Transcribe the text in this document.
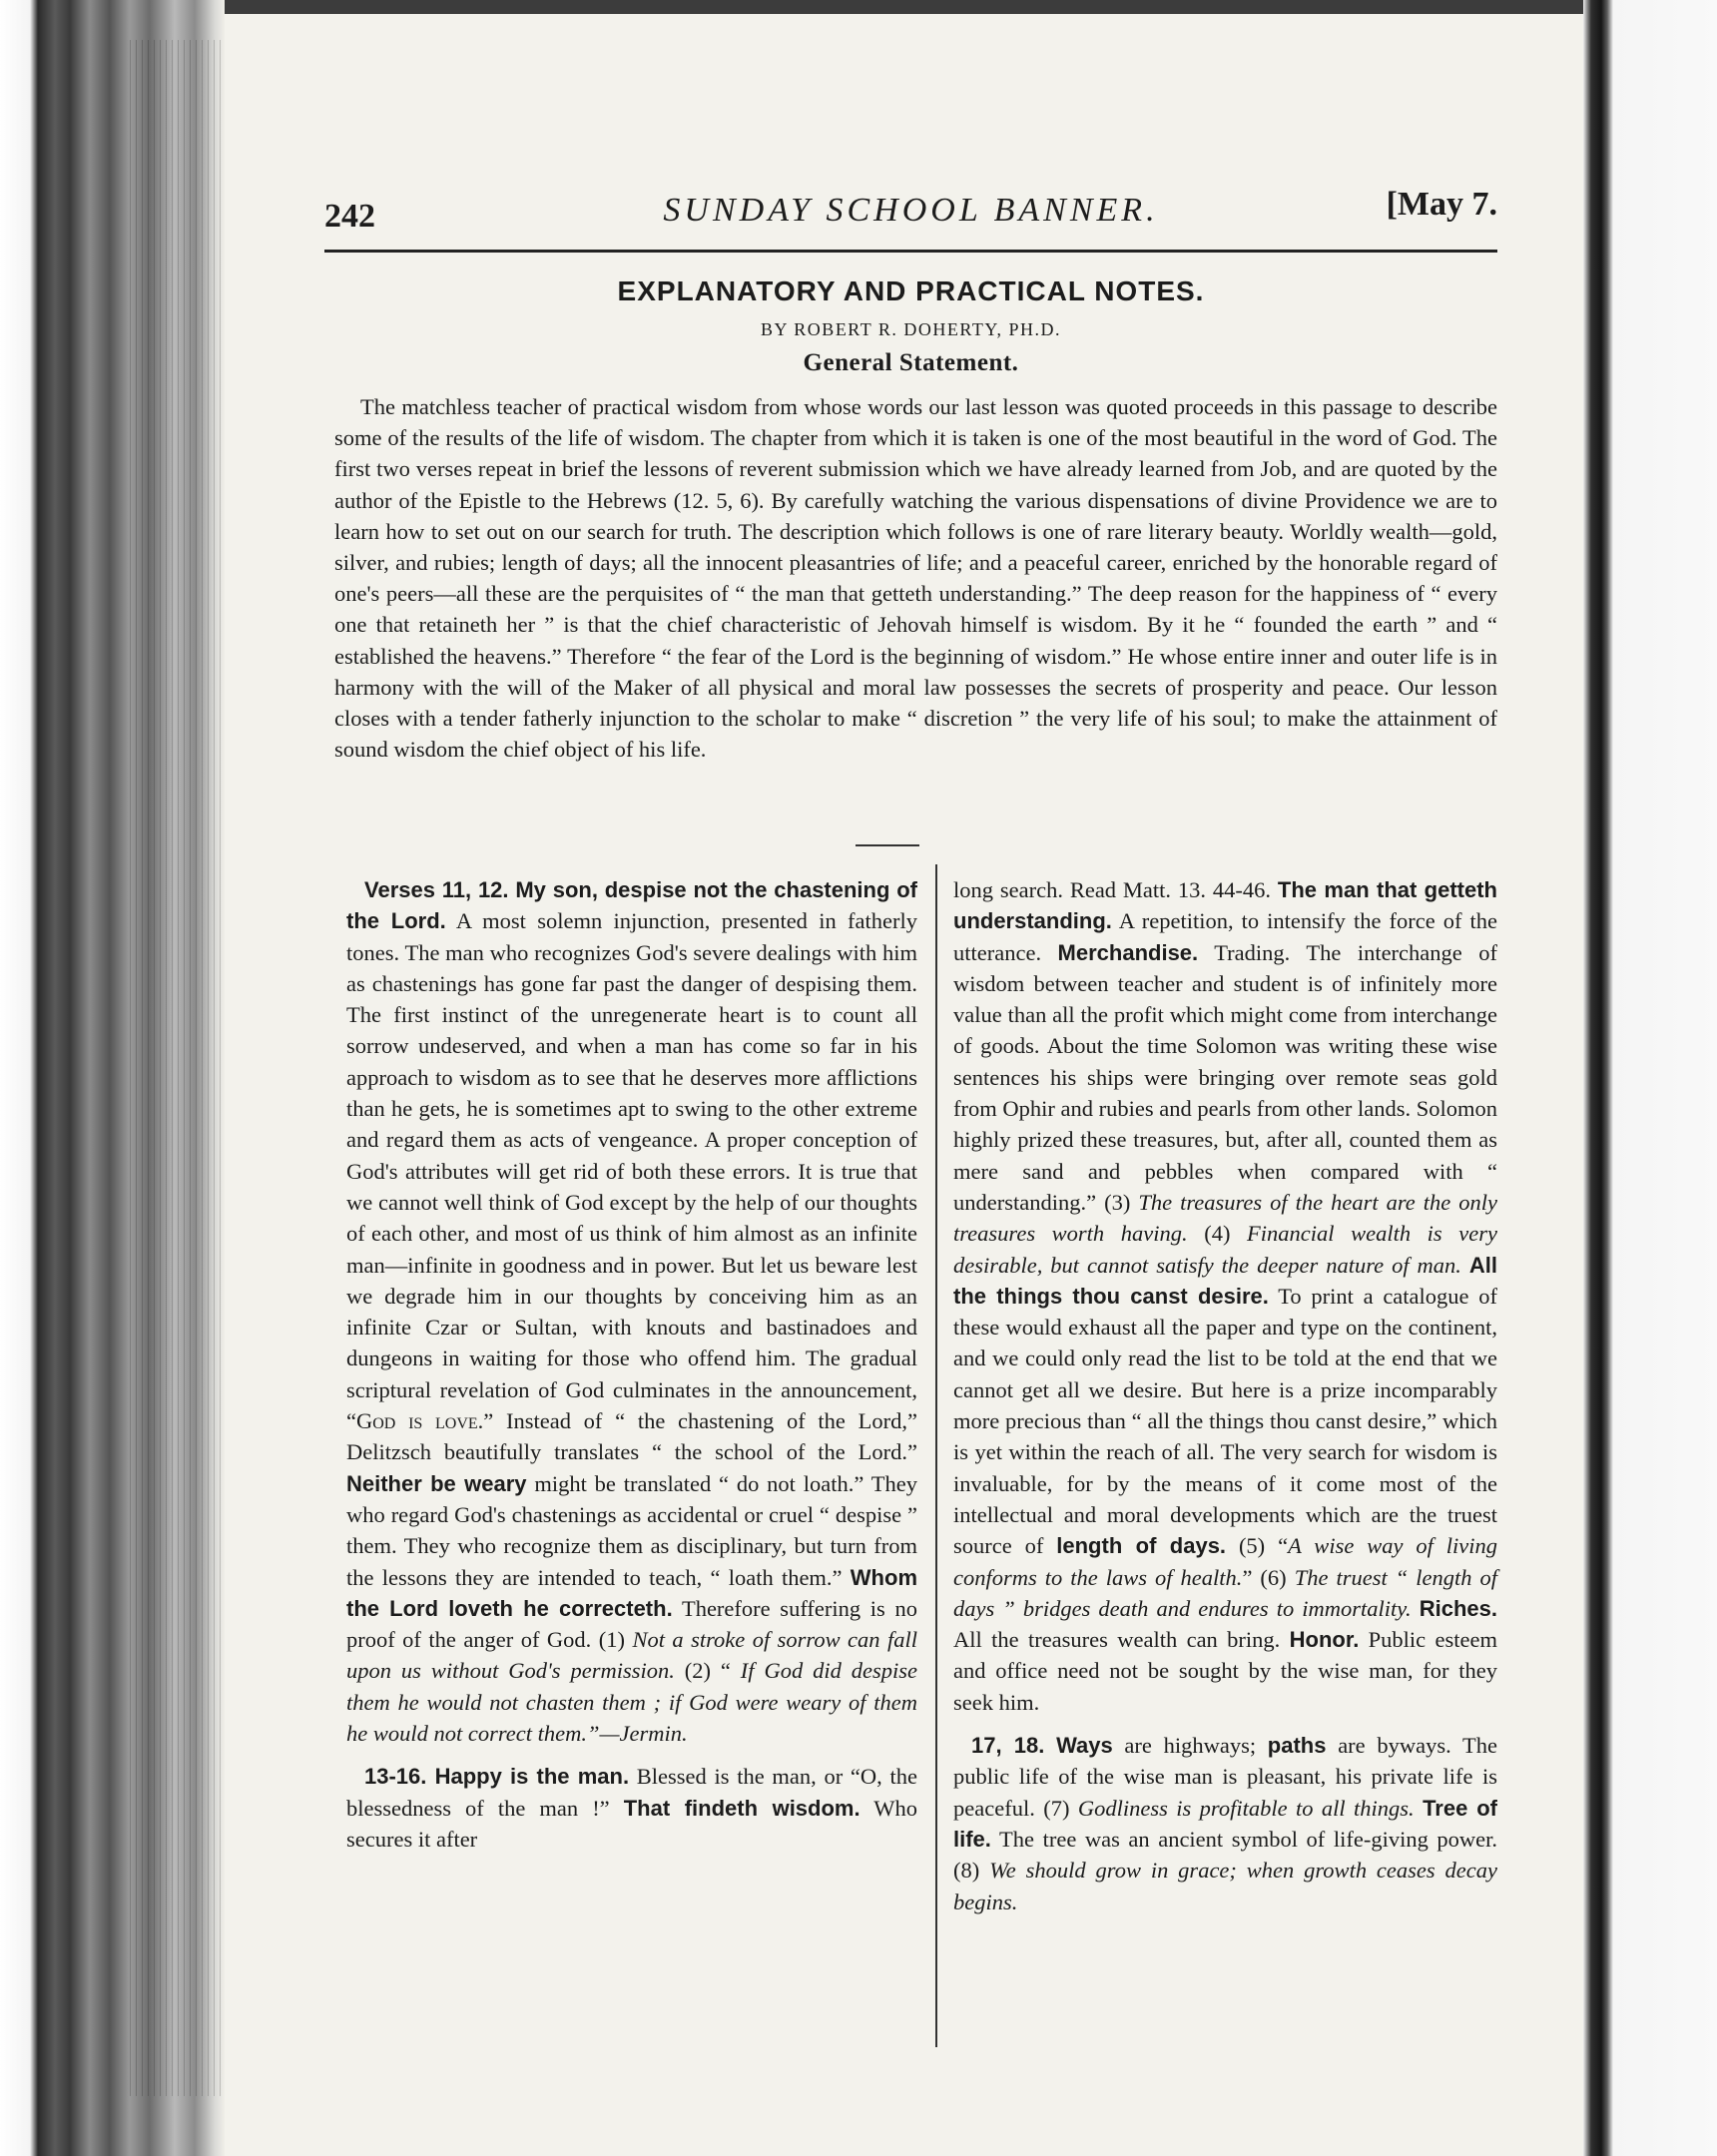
242	SUNDAY SCHOOL BANNER.	[May 7.
EXPLANATORY AND PRACTICAL NOTES.
BY ROBERT R. DOHERTY, PH.D.
General Statement.
The matchless teacher of practical wisdom from whose words our last lesson was quoted proceeds in this passage to describe some of the results of the life of wisdom. The chapter from which it is taken is one of the most beautiful in the word of God. The first two verses repeat in brief the lessons of reverent submission which we have already learned from Job, and are quoted by the author of the Epistle to the Hebrews (12. 5, 6). By carefully watching the various dispensations of divine Providence we are to learn how to set out on our search for truth. The description which follows is one of rare literary beauty. Worldly wealth—gold, silver, and rubies; length of days; all the innocent pleasantries of life; and a peaceful career, enriched by the honorable regard of one's peers—all these are the perquisites of “ the man that getteth understanding.” The deep reason for the happiness of “ every one that retaineth her ” is that the chief characteristic of Jehovah himself is wisdom. By it he “ founded the earth ” and “ established the heavens.” Therefore “ the fear of the Lord is the beginning of wisdom.” He whose entire inner and outer life is in harmony with the will of the Maker of all physical and moral law possesses the secrets of prosperity and peace. Our lesson closes with a tender fatherly injunction to the scholar to make “ discretion ” the very life of his soul; to make the attainment of sound wisdom the chief object of his life.

Verses 11, 12. My son, despise not the chastening of the Lord. A most solemn injunction, presented in fatherly tones. The man who recognizes God's severe dealings with him as chastenings has gone far past the danger of despising them. The first instinct of the unregenerate heart is to count all sorrow undeserved, and when a man has come so far in his approach to wisdom as to see that he deserves more afflictions than he gets, he is sometimes apt to swing to the other extreme and regard them as acts of vengeance. A proper conception of God's attributes will get rid of both these errors. It is true that we cannot well think of God except by the help of our thoughts of each other, and most of us think of him almost as an infinite man—infinite in goodness and in power. But let us beware lest we degrade him in our thoughts by conceiving him as an infinite Czar or Sultan, with knouts and bastinadoes and dungeons in waiting for those who offend him. The gradual scriptural revelation of God culminates in the announcement, “God is love.” Instead of “ the chastening of the Lord,” Delitzsch beautifully translates “ the school of the Lord.” Neither be weary might be translated “ do not loath.” They who regard God's chastenings as accidental or cruel “ despise ” them. They who recognize them as disciplinary, but turn from the lessons they are intended to teach, “ loath them.” Whom the Lord loveth he correcteth. Therefore suffering is no proof of the anger of God. (1) Not a stroke of sorrow can fall upon us without God's permission. (2) “ If God did despise them he would not chasten them ; if God were weary of them he would not correct them.”—Jermin.

13-16. Happy is the man. Blessed is the man, or “O, the blessedness of the man !” That findeth wisdom. Who secures it after

long search. Read Matt. 13. 44-46. The man that getteth understanding. A repetition, to intensify the force of the utterance. Merchandise. Trading. The interchange of wisdom between teacher and student is of infinitely more value than all the profit which might come from interchange of goods. About the time Solomon was writing these wise sentences his ships were bringing over remote seas gold from Ophir and rubies and pearls from other lands. Solomon highly prized these treasures, but, after all, counted them as mere sand and pebbles when compared with “ understanding.” (3) The treasures of the heart are the only treasures worth having. (4) Financial wealth is very desirable, but cannot satisfy the deeper nature of man. All the things thou canst desire. To print a catalogue of these would exhaust all the paper and type on the continent, and we could only read the list to be told at the end that we cannot get all we desire. But here is a prize incomparably more precious than “ all the things thou canst desire,” which is yet within the reach of all. The very search for wisdom is invaluable, for by the means of it come most of the intellectual and moral developments which are the truest source of length of days. (5) “A wise way of living conforms to the laws of health.” (6) The truest “ length of days ” bridges death and endures to immortality. Riches. All the treasures wealth can bring. Honor. Public esteem and office need not be sought by the wise man, for they seek him.

17, 18. Ways are highways; paths are byways. The public life of the wise man is pleasant, his private life is peaceful. (7) Godliness is profitable to all things. Tree of life. The tree was an ancient symbol of life-giving power. (8) We should grow in grace; when growth ceases decay begins.
